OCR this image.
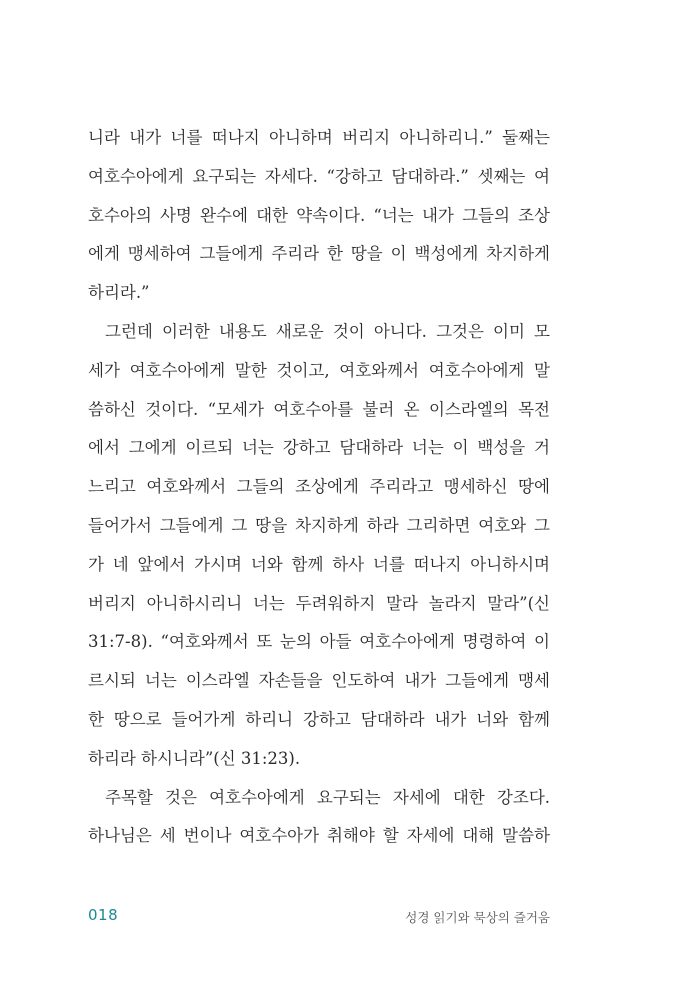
니라 내가 너를 떠나지 아니하며 버리지 아니하리니.” 둘째는
여호수아에게 요구되는 자세다. “강하고 담대하라.” 셋째는 여
호수아의 사명 완수에 대한 약속이다. “너는 내가 그들의 조상
에게 맹세하여 그들에게 주리라 한 땅을 이 백성에게 차지하게
하리라.”
그런데 이러한 내용도 새로운 것이 아니다. 그것은 이미 모
세가 여호수아에게 말한 것이고, 여호와께서 여호수아에게 말
씀하신 것이다. “모세가 여호수아를 불러 온 이스라엘의 목전
에서 그에게 이르되 너는 강하고 담대하라 너는 이 백성을 거
느리고 여호와께서 그들의 조상에게 주리라고 맹세하신 땅에
들어가서 그들에게 그 땅을 차지하게 하라 그리하면 여호와 그
가 네 앞에서 가시며 너와 함께 하사 너를 떠나지 아니하시며
버리지 아니하시리니 너는 두려워하지 말라 놀라지 말라”(신
31:7-8). “여호와께서 또 눈의 아들 여호수아에게 명령하여 이
르시되 너는 이스라엘 자손들을 인도하여 내가 그들에게 맹세
한 땅으로 들어가게 하리니 강하고 담대하라 내가 너와 함께
하리라 하시니라”(신 31:23).
주목할 것은 여호수아에게 요구되는 자세에 대한 강조다.
하나님은 세 번이나 여호수아가 취해야 할 자세에 대해 말씀하
018	성경 읽기와 묵상의 즐거움
